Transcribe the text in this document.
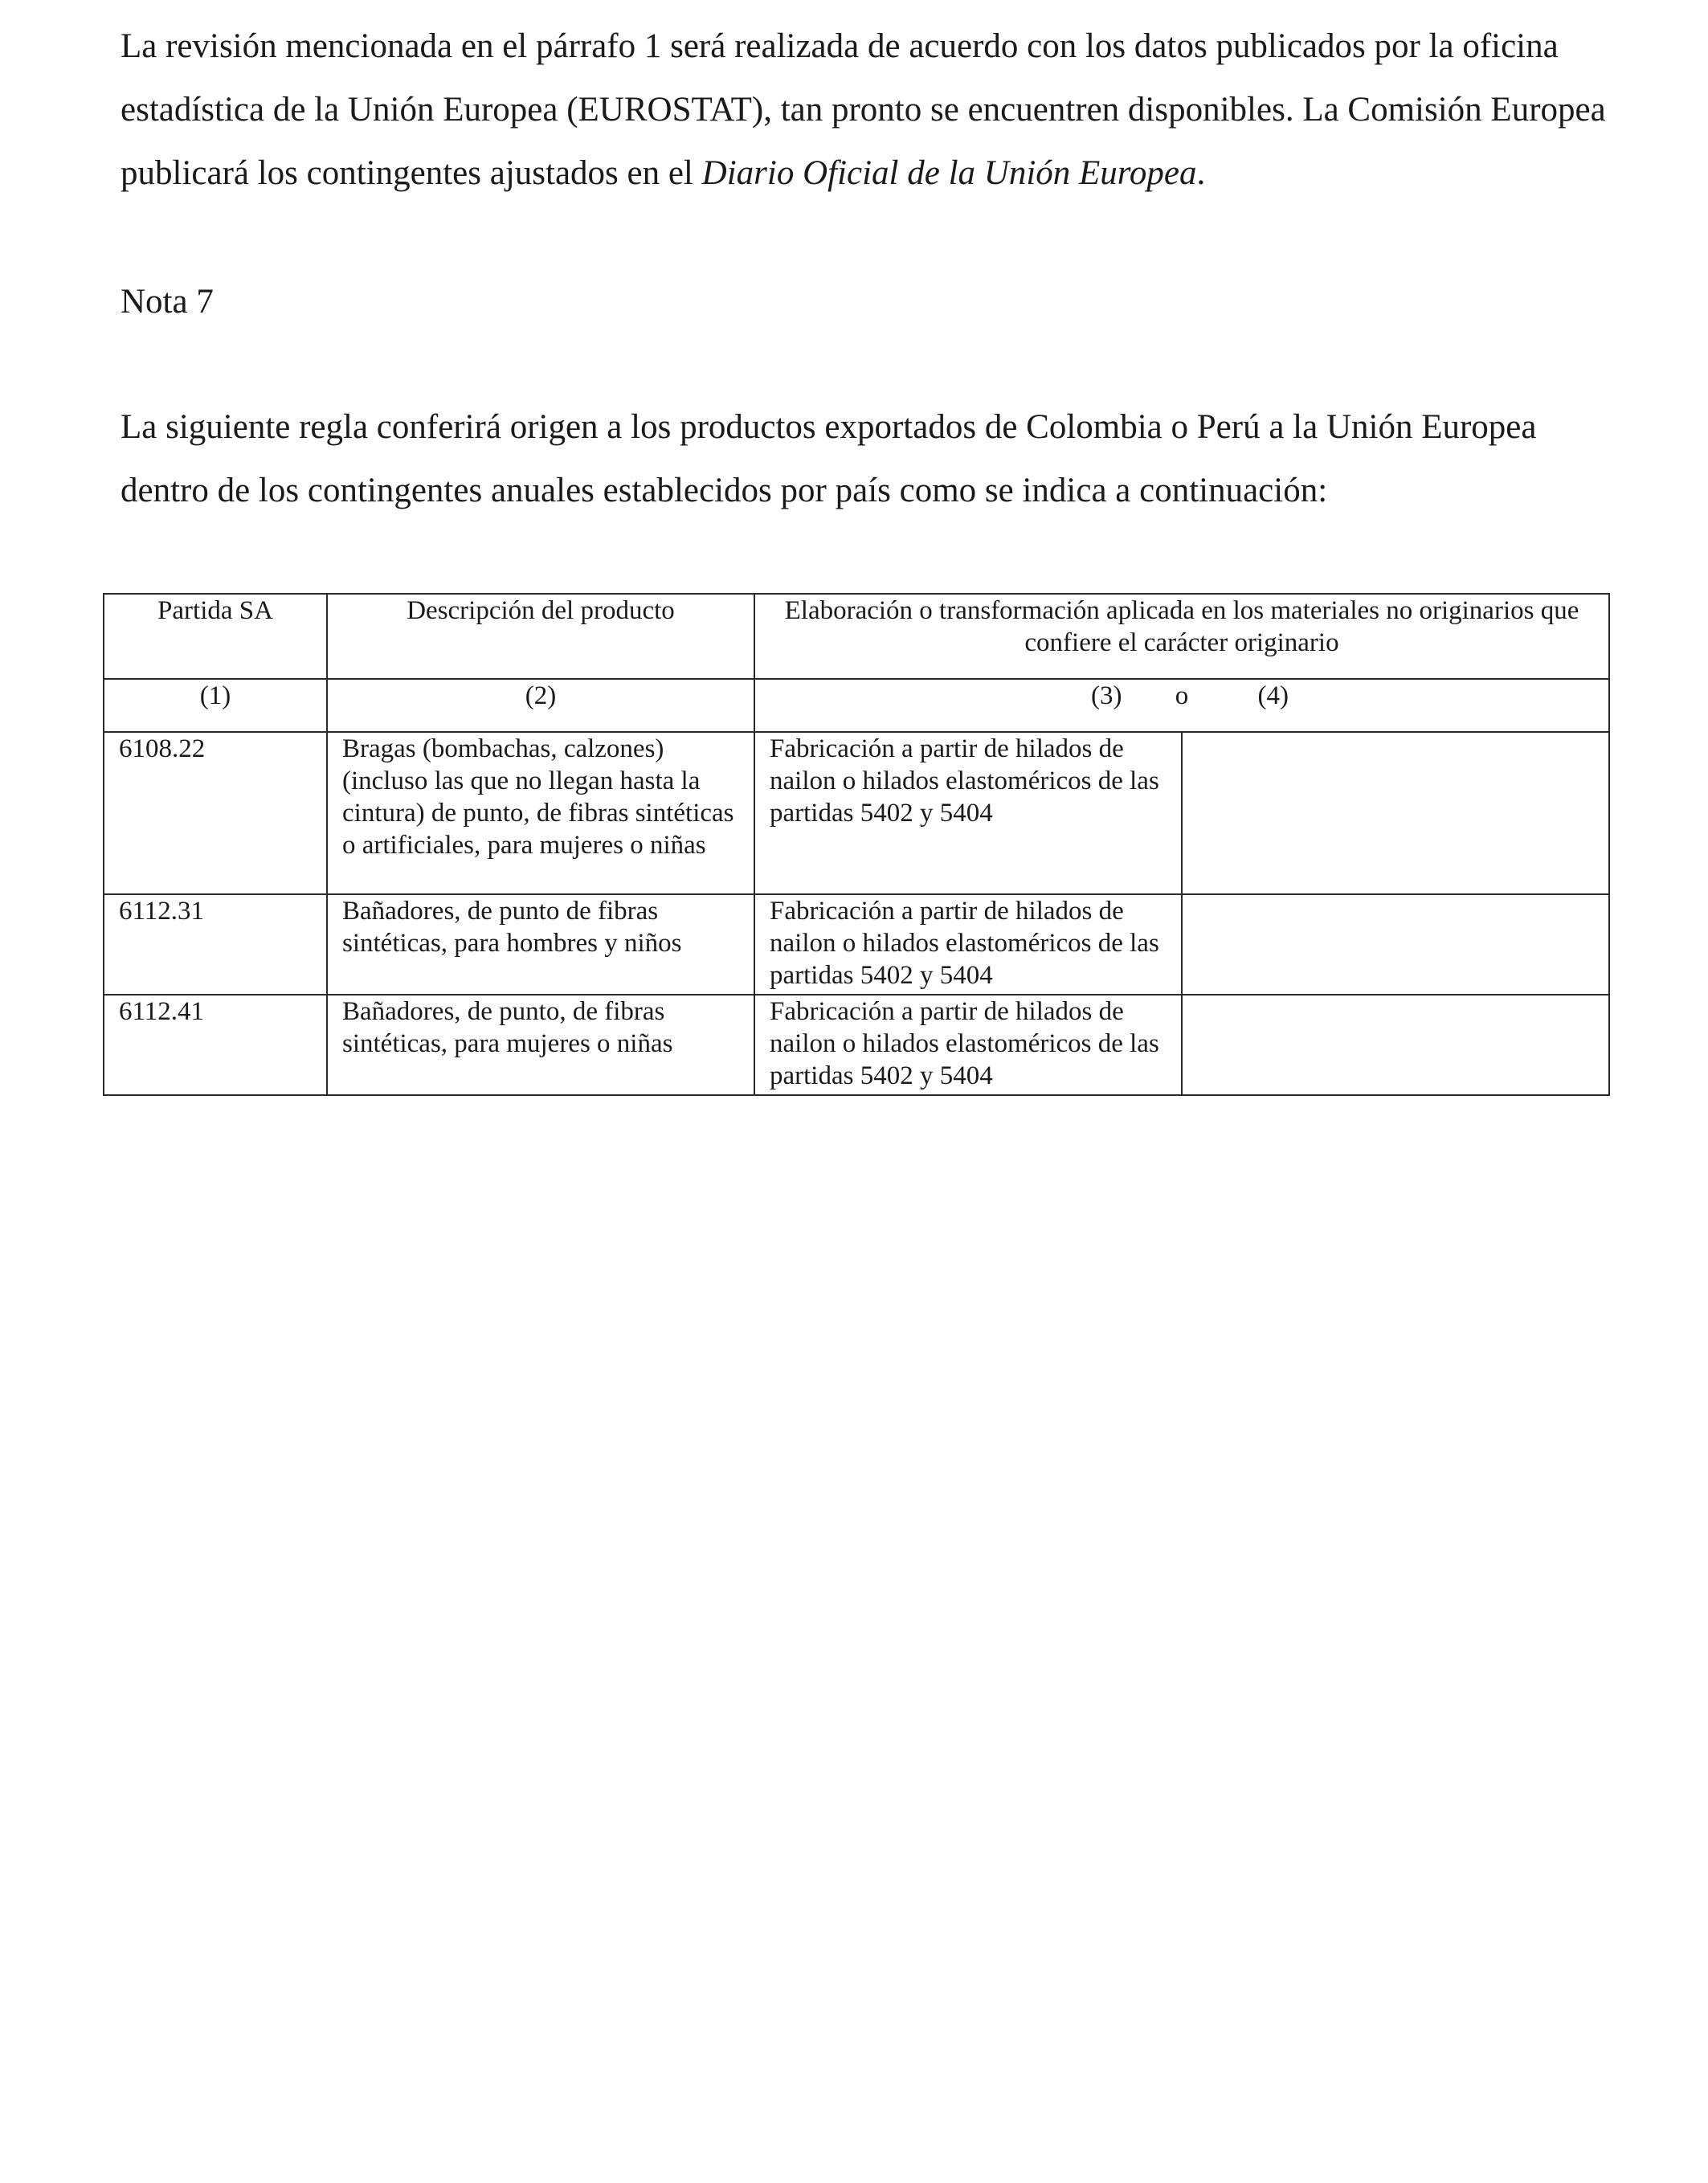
La revisión mencionada en el párrafo 1 será realizada de acuerdo con los datos publicados por la oficina estadística de la Unión Europea (EUROSTAT), tan pronto se encuentren disponibles. La Comisión Europea publicará los contingentes ajustados en el Diario Oficial de la Unión Europea.

Nota 7

La siguiente regla conferirá origen a los productos exportados de Colombia o Perú a la Unión Europea dentro de los contingentes anuales establecidos por país como se indica a continuación:

Partida SA	Descripción del producto	Elaboración o transformación aplicada en los materiales no originarios que confiere el carácter originario	
(1)	(2)	(3) o (4)	
6108.22	Bragas (bombachas, calzones) (incluso las que no llegan hasta la cintura) de punto, de fibras sintéticas o artificiales, para mujeres o niñas	Fabricación a partir de hilados de nailon o hilados elastoméricos de las partidas 5402 y 5404	
6112.31	Bañadores, de punto de fibras sintéticas, para hombres y niños	Fabricación a partir de hilados de nailon o hilados elastoméricos de las partidas 5402 y 5404	
6112.41	Bañadores, de punto, de fibras sintéticas, para mujeres o niñas	Fabricación a partir de hilados de nailon o hilados elastoméricos de las partidas 5402 y 5404	
